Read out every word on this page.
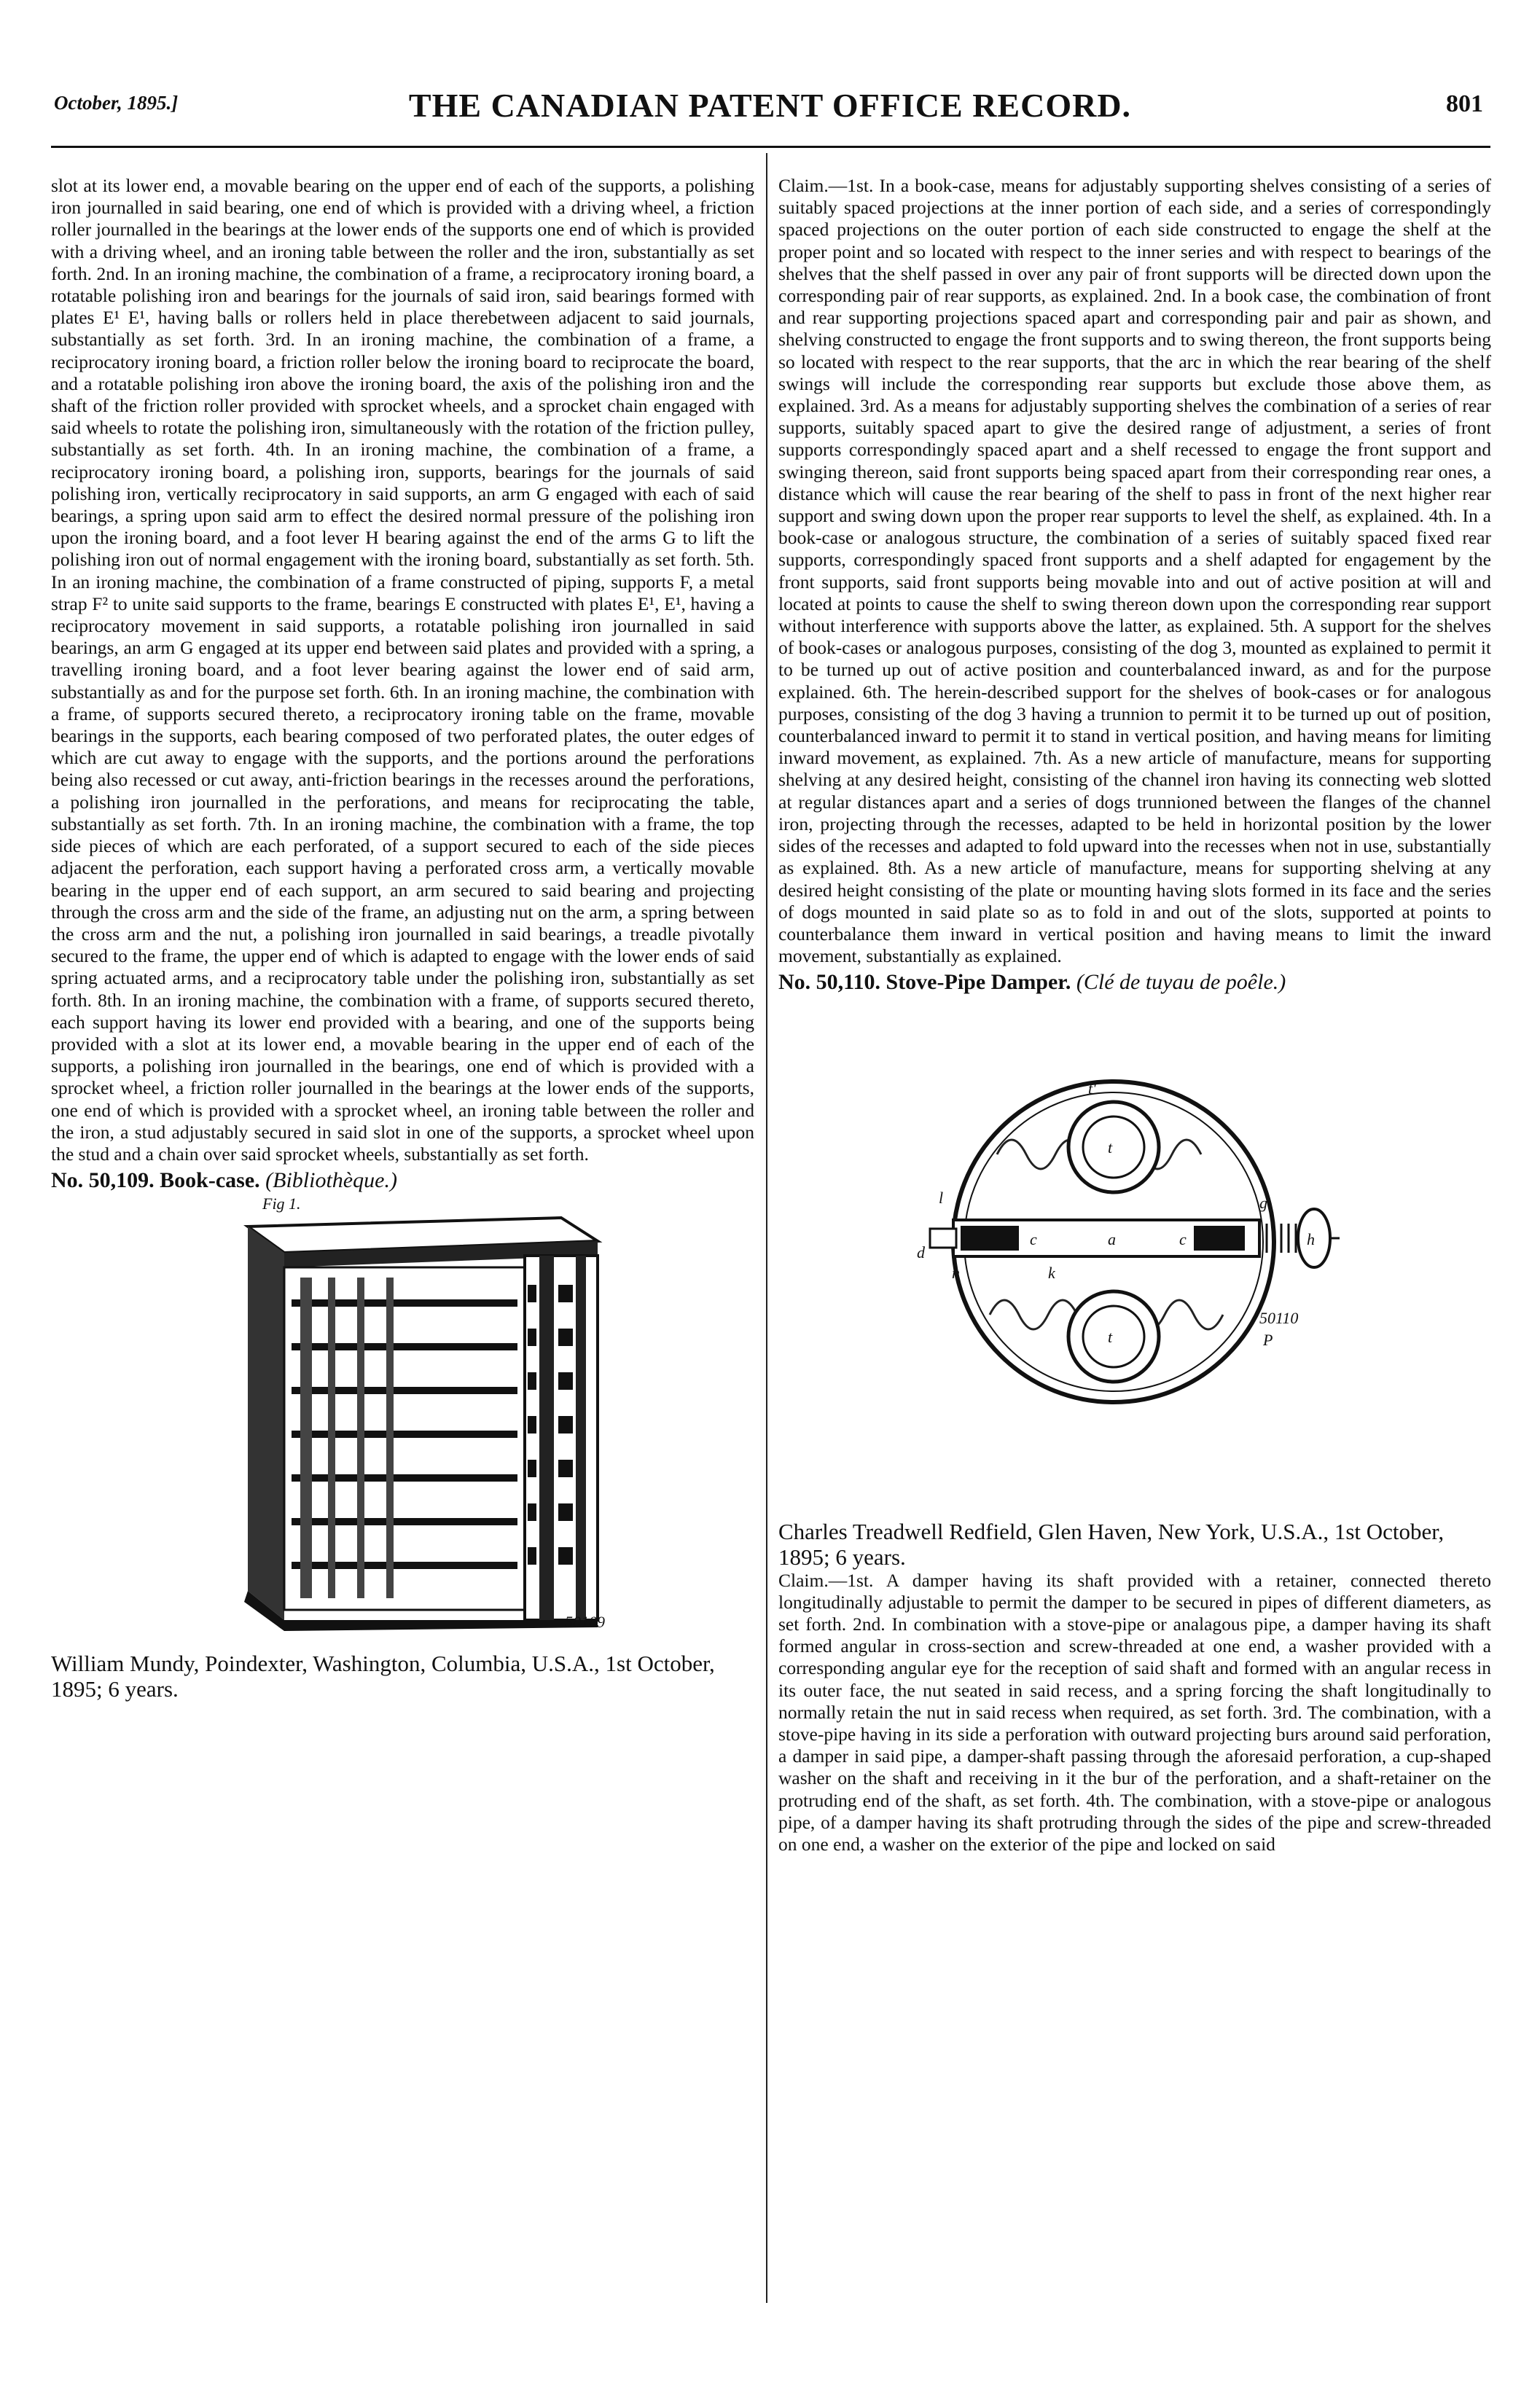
October, 1895.]	THE CANADIAN PATENT OFFICE RECORD.	801

slot at its lower end, a movable bearing on the upper end of each of the supports, a polishing iron journalled in said bearing, one end of which is provided with a driving wheel, a friction roller journalled in the bearings at the lower ends of the supports one end of which is provided with a driving wheel, and an ironing table between the roller and the iron, substantially as set forth. 2nd. In an ironing machine, the combination of a frame, a reciprocatory ironing board, a rotatable polishing iron and bearings for the journals of said iron, said bearings formed with plates E¹ E¹, having balls or rollers held in place therebetween adjacent to said journals, substantially as set forth. 3rd. In an ironing machine, the combination of a frame, a reciprocatory ironing board, a friction roller below the ironing board to reciprocate the board, and a rotatable polishing iron above the ironing board, the axis of the polishing iron and the shaft of the friction roller provided with sprocket wheels, and a sprocket chain engaged with said wheels to rotate the polishing iron, simultaneously with the rotation of the friction pulley, substantially as set forth. 4th. In an ironing machine, the combination of a frame, a reciprocatory ironing board, a polishing iron, supports, bearings for the journals of said polishing iron, vertically reciprocatory in said supports, an arm G engaged with each of said bearings, a spring upon said arm to effect the desired normal pressure of the polishing iron upon the ironing board, and a foot lever H bearing against the end of the arms G to lift the polishing iron out of normal engagement with the ironing board, substantially as set forth. 5th. In an ironing machine, the combination of a frame constructed of piping, supports F, a metal strap F² to unite said supports to the frame, bearings E constructed with plates E¹, E¹, having a reciprocatory movement in said supports, a rotatable polishing iron journalled in said bearings, an arm G engaged at its upper end between said plates and provided with a spring, a travelling ironing board, and a foot lever bearing against the lower end of said arm, substantially as and for the purpose set forth. 6th. In an ironing machine, the combination with a frame, of supports secured thereto, a reciprocatory ironing table on the frame, movable bearings in the supports, each bearing composed of two perforated plates, the outer edges of which are cut away to engage with the supports, and the portions around the perforations being also recessed or cut away, anti-friction bearings in the recesses around the perforations, a polishing iron journalled in the perforations, and means for reciprocating the table, substantially as set forth. 7th. In an ironing machine, the combination with a frame, the top side pieces of which are each perforated, of a support secured to each of the side pieces adjacent the perforation, each support having a perforated cross arm, a vertically movable bearing in the upper end of each support, an arm secured to said bearing and projecting through the cross arm and the side of the frame, an adjusting nut on the arm, a spring between the cross arm and the nut, a polishing iron journalled in said bearings, a treadle pivotally secured to the frame, the upper end of which is adapted to engage with the lower ends of said spring actuated arms, and a reciprocatory table under the polishing iron, substantially as set forth. 8th. In an ironing machine, the combination with a frame, of supports secured thereto, each support having its lower end provided with a bearing, and one of the supports being provided with a slot at its lower end, a movable bearing in the upper end of each of the supports, a polishing iron journalled in the bearings, one end of which is provided with a sprocket wheel, a friction roller journalled in the bearings at the lower ends of the supports, one end of which is provided with a sprocket wheel, an ironing table between the roller and the iron, a stud adjustably secured in said slot in one of the supports, a sprocket wheel upon the stud and a chain over said sprocket wheels, substantially as set forth.

No. 50,109. Book-case. (Bibliothèque.)

Fig 1.
50109

William Mundy, Poindexter, Washington, Columbia, U.S.A., 1st October, 1895; 6 years.

Claim.—1st. In a book-case, means for adjustably supporting shelves consisting of a series of suitably spaced projections at the inner portion of each side, and a series of correspondingly spaced projections on the outer portion of each side constructed to engage the shelf at the proper point and so located with respect to the inner series and with respect to bearings of the shelves that the shelf passed in over any pair of front supports will be directed down upon the corresponding pair of rear supports, as explained. 2nd. In a book case, the combination of front and rear supporting projections spaced apart and corresponding pair and pair as shown, and shelving constructed to engage the front supports and to swing thereon, the front supports being so located with respect to the rear supports, that the arc in which the rear bearing of the shelf swings will include the corresponding rear supports but exclude those above them, as explained. 3rd. As a means for adjustably supporting shelves the combination of a series of rear supports, suitably spaced apart to give the desired range of adjustment, a series of front supports correspondingly spaced apart and a shelf recessed to engage the front support and swinging thereon, said front supports being spaced apart from their corresponding rear ones, a distance which will cause the rear bearing of the shelf to pass in front of the next higher rear support and swing down upon the proper rear supports to level the shelf, as explained. 4th. In a book-case or analogous structure, the combination of a series of suitably spaced fixed rear supports, correspondingly spaced front supports and a shelf adapted for engagement by the front supports, said front supports being movable into and out of active position at will and located at points to cause the shelf to swing thereon down upon the corresponding rear support without interference with supports above the latter, as explained. 5th. A support for the shelves of book-cases or analogous purposes, consisting of the dog 3, mounted as explained to permit it to be turned up out of active position and counterbalanced inward, as and for the purpose explained. 6th. The herein-described support for the shelves of book-cases or for analogous purposes, consisting of the dog 3 having a trunnion to permit it to be turned up out of position, counterbalanced inward to permit it to stand in vertical position, and having means for limiting inward movement, as explained. 7th. As a new article of manufacture, means for supporting shelving at any desired height, consisting of the channel iron having its connecting web slotted at regular distances apart and a series of dogs trunnioned between the flanges of the channel iron, projecting through the recesses, adapted to be held in horizontal position by the lower sides of the recesses and adapted to fold upward into the recesses when not in use, substantially as explained. 8th. As a new article of manufacture, means for supporting shelving at any desired height consisting of the plate or mounting having slots formed in its face and the series of dogs mounted in said plate so as to fold in and out of the slots, supported at points to counterbalance them inward in vertical position and having means to limit the inward movement, substantially as explained.

No. 50,110. Stove-Pipe Damper. (Clé de tuyau de poêle.)

t'
t
l	g
d
c	a	c	h
k
n
t
50110
P

Charles Treadwell Redfield, Glen Haven, New York, U.S.A., 1st October, 1895; 6 years.

Claim.—1st. A damper having its shaft provided with a retainer, connected thereto longitudinally adjustable to permit the damper to be secured in pipes of different diameters, as set forth. 2nd. In combination with a stove-pipe or analagous pipe, a damper having its shaft formed angular in cross-section and screw-threaded at one end, a washer provided with a corresponding angular eye for the reception of said shaft and formed with an angular recess in its outer face, the nut seated in said recess, and a spring forcing the shaft longitudinally to normally retain the nut in said recess when required, as set forth. 3rd. The combination, with a stove-pipe having in its side a perforation with outward projecting burs around said perforation, a damper in said pipe, a damper-shaft passing through the aforesaid perforation, a cup-shaped washer on the shaft and receiving in it the bur of the perforation, and a shaft-retainer on the protruding end of the shaft, as set forth. 4th. The combination, with a stove-pipe or analogous pipe, of a damper having its shaft protruding through the sides of the pipe and screw-threaded on one end, a washer on the exterior of the pipe and locked on said
